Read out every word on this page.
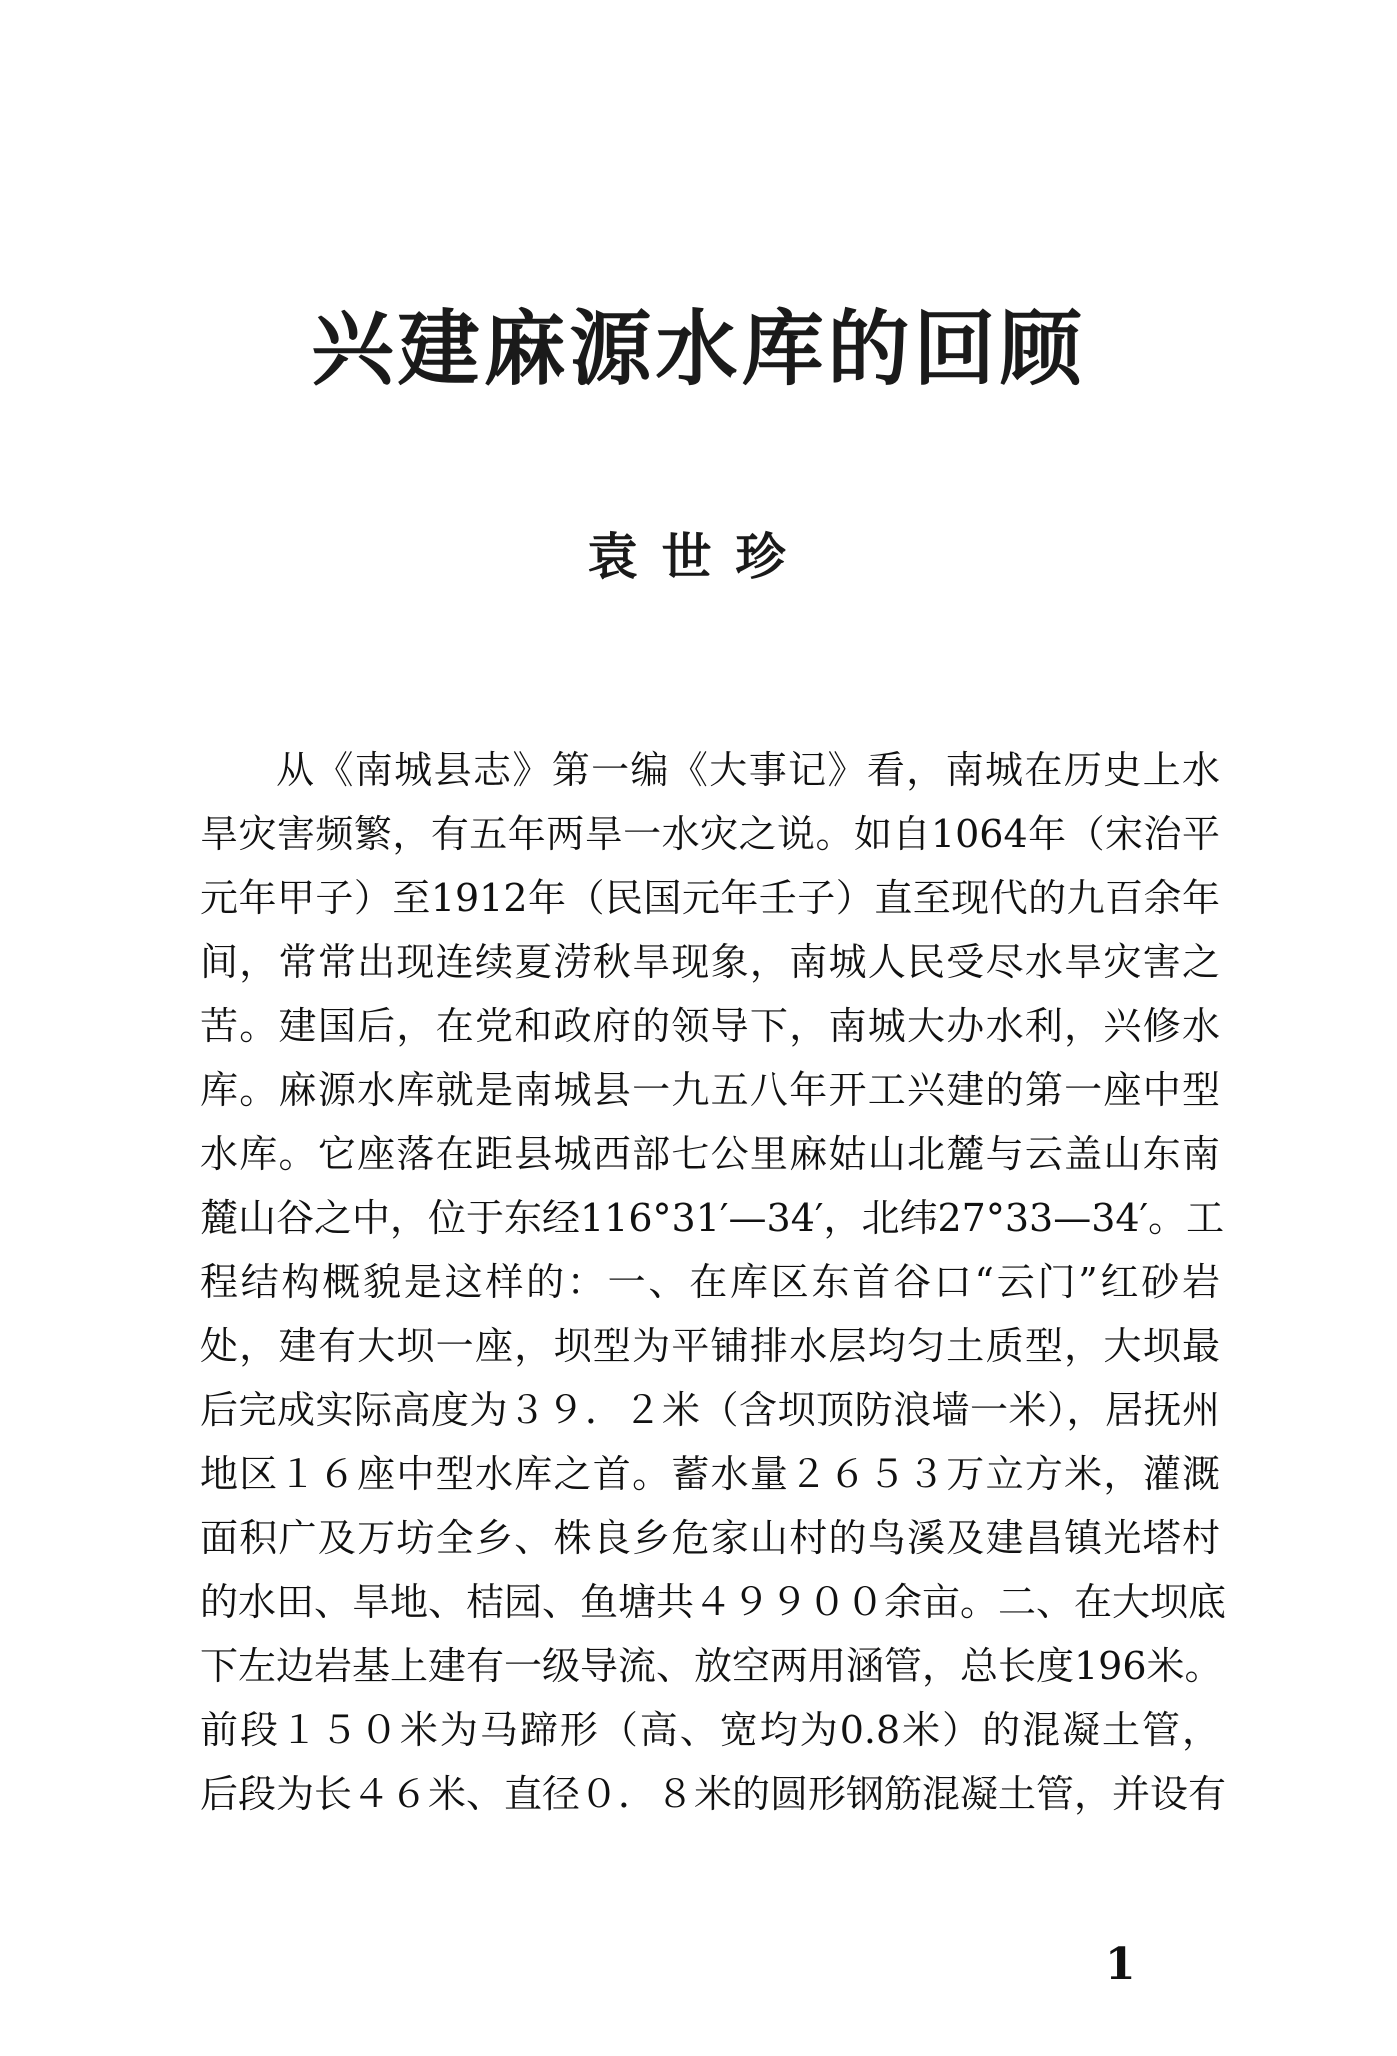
兴建麻源水库的回顾
袁世珍
从《南城县志》第一编《大事记》看，南城在历史上水
旱灾害频繁，有五年两旱一水灾之说。如自1064年（宋治平
元年甲子）至1912年（民国元年壬子）直至现代的九百余年
间，常常出现连续夏涝秋旱现象，南城人民受尽水旱灾害之
苦。建国后，在党和政府的领导下，南城大办水利，兴修水
库。麻源水库就是南城县一九五八年开工兴建的第一座中型
水库。它座落在距县城西部七公里麻姑山北麓与云盖山东南
麓山谷之中，位于东经116°31′—34′，北纬27°33—34′。工
程结构概貌是这样的：一、在库区东首谷口“云门”红砂岩
处，建有大坝一座，坝型为平铺排水层均匀土质型，大坝最
后完成实际高度为３９．２米（含坝顶防浪墙一米），居抚州
地区１６座中型水库之首。蓄水量２６５３万立方米，灌溉
面积广及万坊全乡、株良乡危家山村的鸟溪及建昌镇光塔村
的水田、旱地、桔园、鱼塘共４９９００余亩。二、在大坝底
下左边岩基上建有一级导流、放空两用涵管，总长度196米。
前段１５０米为马蹄形（高、宽均为0.8米）的混凝土管，
后段为长４６米、直径０．８米的圆形钢筋混凝土管，并设有
1
